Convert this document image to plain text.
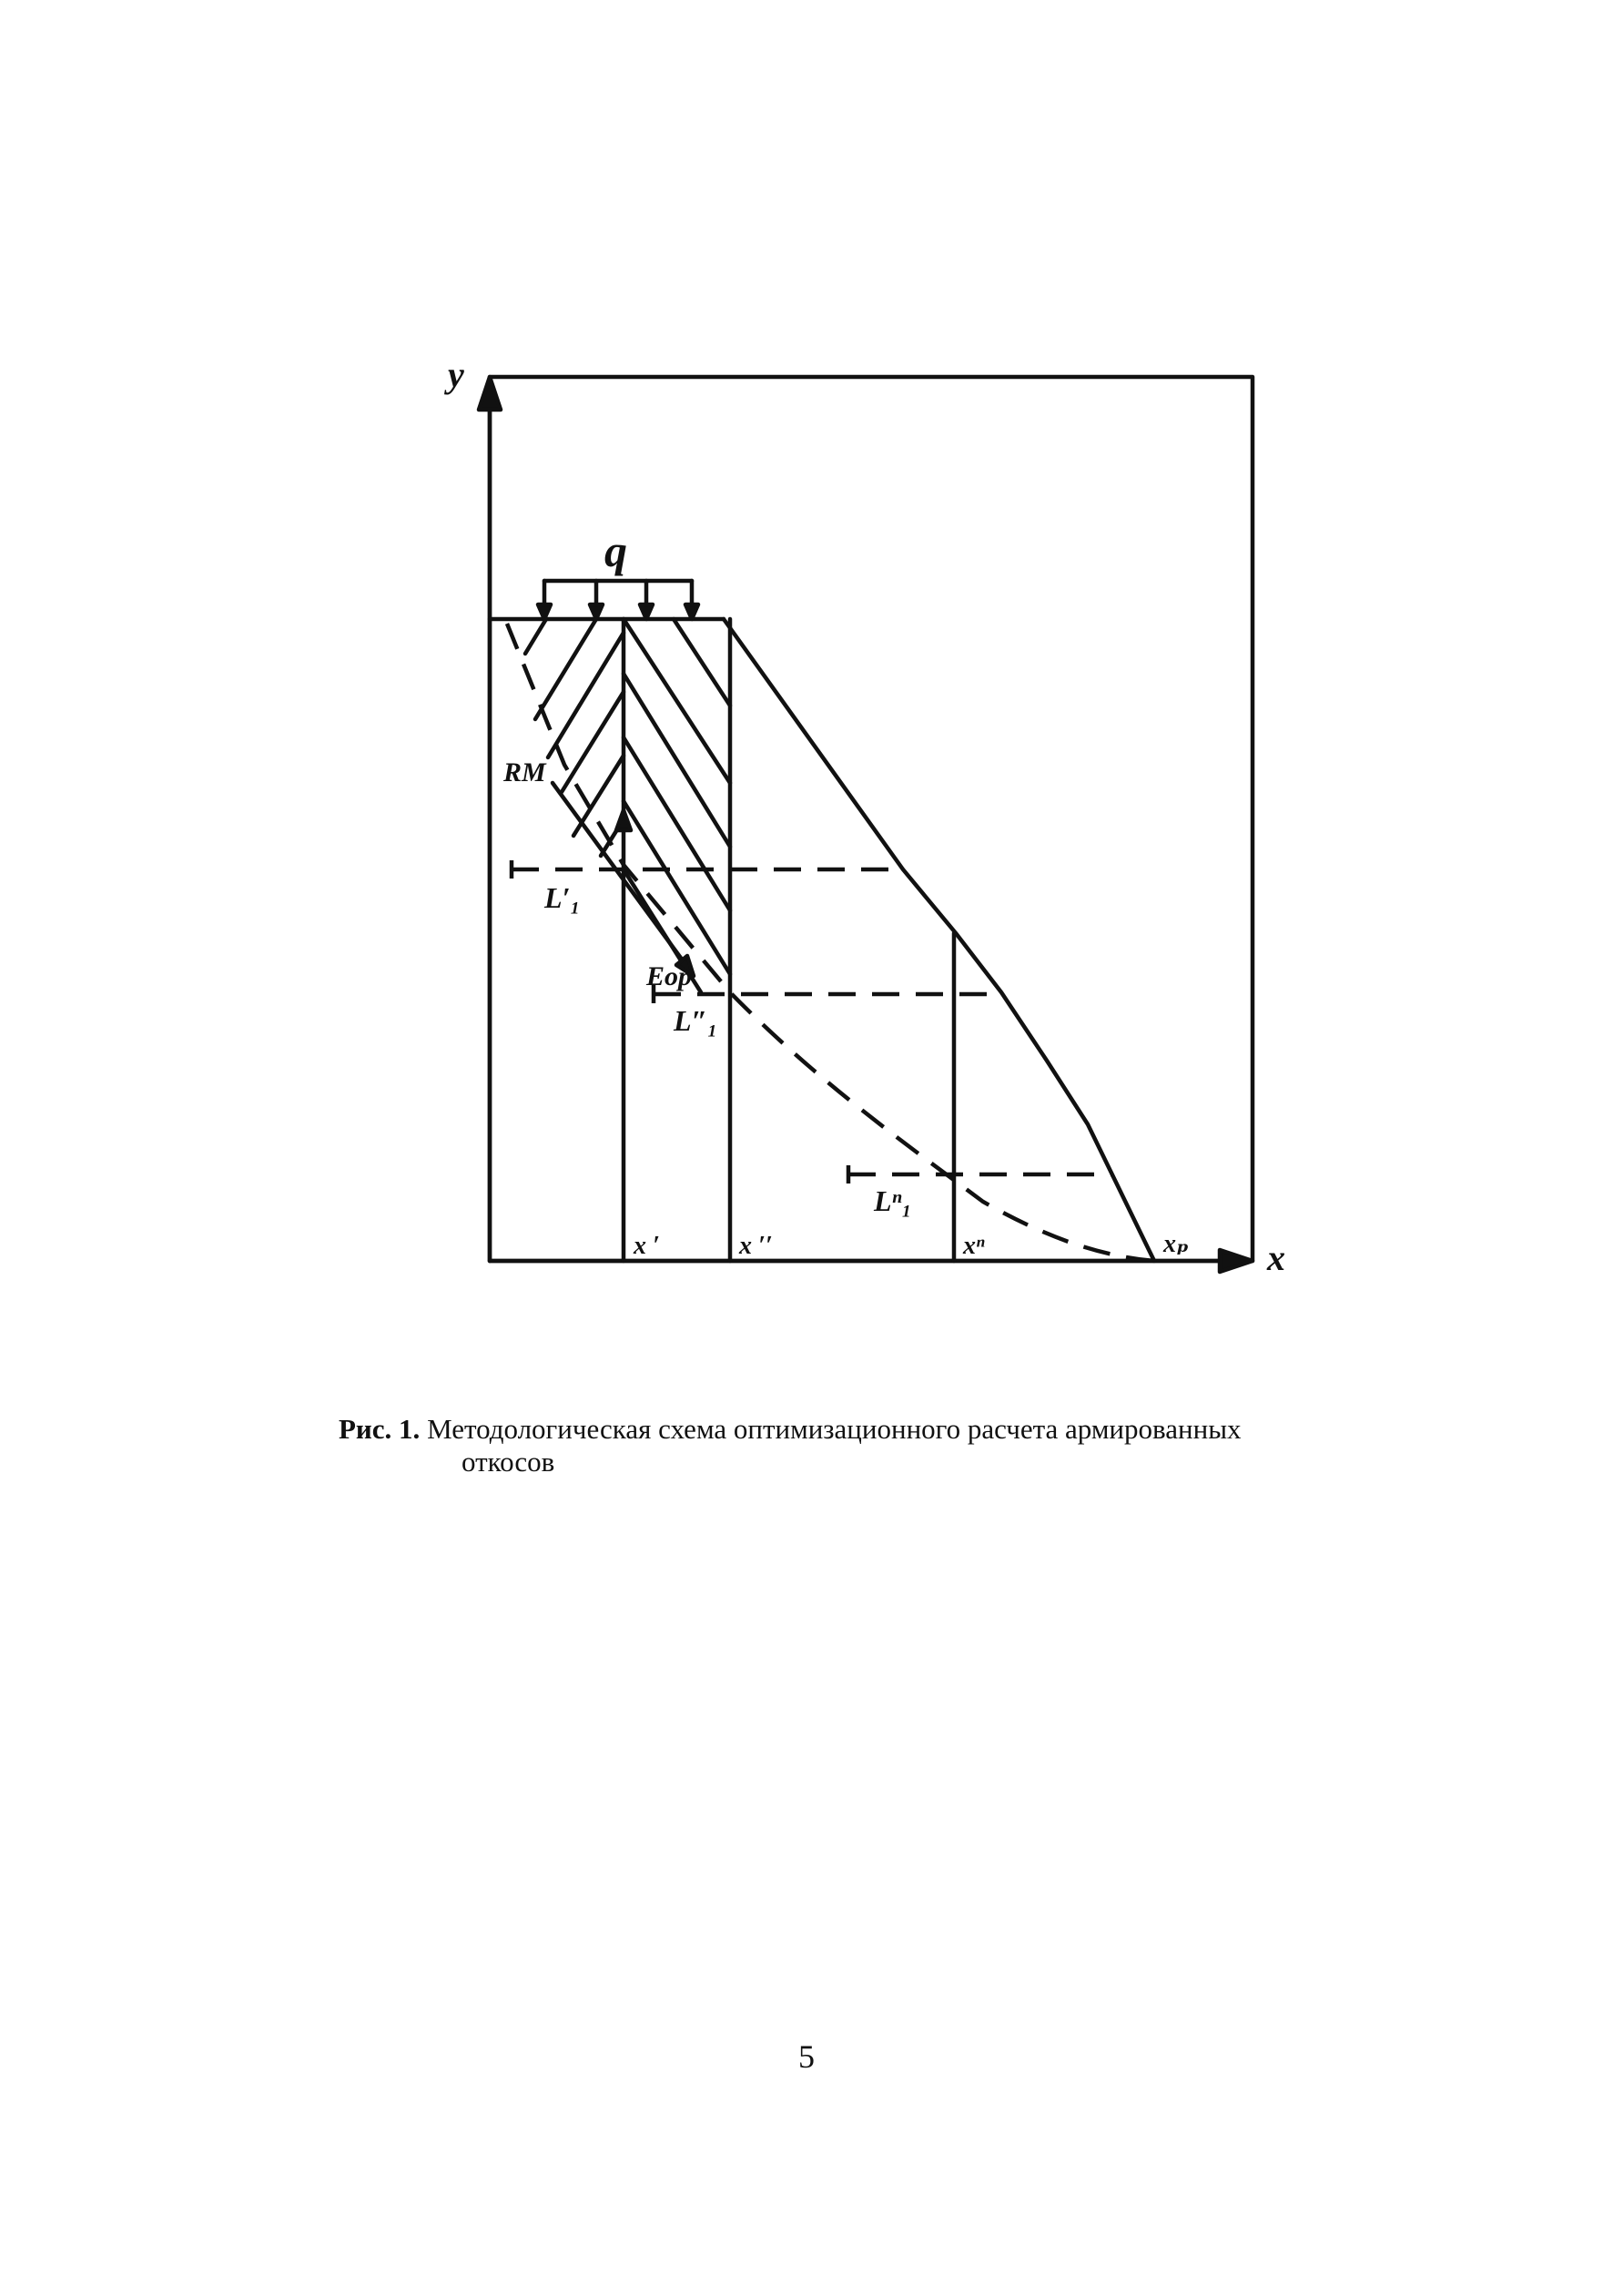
y
x
q
RM
Eop
L′₁
L″₁
Lⁿ₁
x ′	x ′′	xⁿ	xₚ
Рис. 1. Методологическая схема оптимизационного расчета армированных
откосов
5
